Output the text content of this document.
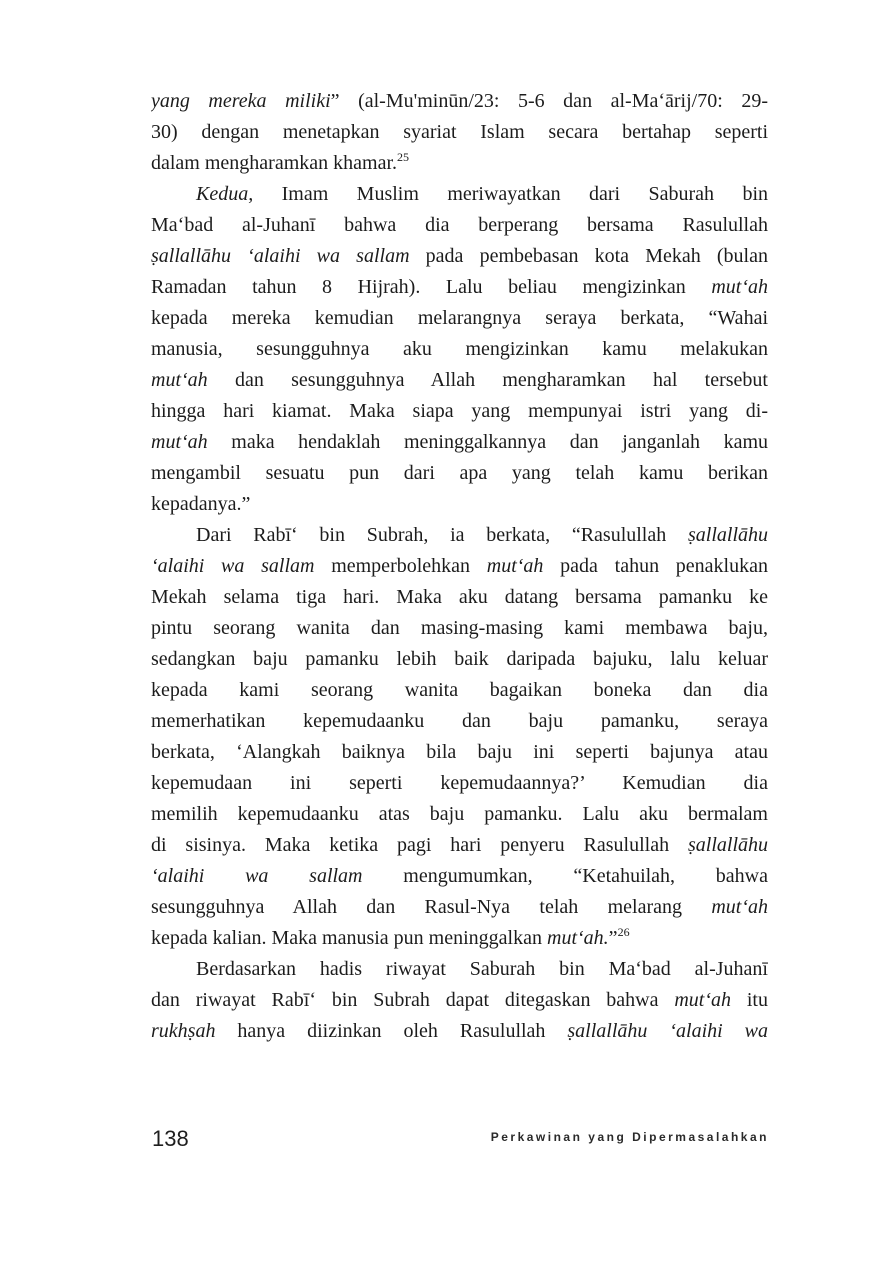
yang mereka miliki” (al-Mu'minūn/23: 5-6 dan al-Ma‘ārij/70: 29-
30) dengan menetapkan syariat Islam secara bertahap seperti
dalam mengharamkan khamar.$^{25}$
Kedua, Imam Muslim meriwayatkan dari Saburah bin
Ma‘bad al-Juhanī bahwa dia berperang bersama Rasulullah
ṣallallāhu ‘alaihi wa sallam pada pembebasan kota Mekah (bulan
Ramadan tahun 8 Hijrah). Lalu beliau mengizinkan mut‘ah
kepada mereka kemudian melarangnya seraya berkata, “Wahai
manusia, sesungguhnya aku mengizinkan kamu melakukan
mut‘ah dan sesungguhnya Allah mengharamkan hal tersebut
hingga hari kiamat. Maka siapa yang mempunyai istri yang di-
mut‘ah maka hendaklah meninggalkannya dan janganlah kamu
mengambil sesuatu pun dari apa yang telah kamu berikan
kepadanya.”
Dari Rabī‘ bin Subrah, ia berkata, “Rasulullah ṣallallāhu
‘alaihi wa sallam memperbolehkan mut‘ah pada tahun penaklukan
Mekah selama tiga hari. Maka aku datang bersama pamanku ke
pintu seorang wanita dan masing-masing kami membawa baju,
sedangkan baju pamanku lebih baik daripada bajuku, lalu keluar
kepada kami seorang wanita bagaikan boneka dan dia
memerhatikan kepemudaanku dan baju pamanku, seraya
berkata, ‘Alangkah baiknya bila baju ini seperti bajunya atau
kepemudaan ini seperti kepemudaannya?’ Kemudian dia
memilih kepemudaanku atas baju pamanku. Lalu aku bermalam
di sisinya. Maka ketika pagi hari penyeru Rasulullah ṣallallāhu
‘alaihi wa sallam mengumumkan, “Ketahuilah, bahwa
sesungguhnya Allah dan Rasul-Nya telah melarang mut‘ah
kepada kalian. Maka manusia pun meninggalkan mut‘ah.”$^{26}$
Berdasarkan hadis riwayat Saburah bin Ma‘bad al-Juhanī
dan riwayat Rabī‘ bin Subrah dapat ditegaskan bahwa mut‘ah itu
rukhṣah hanya diizinkan oleh Rasulullah ṣallallāhu ‘alaihi wa
138	Perkawinan yang Dipermasalahkan
